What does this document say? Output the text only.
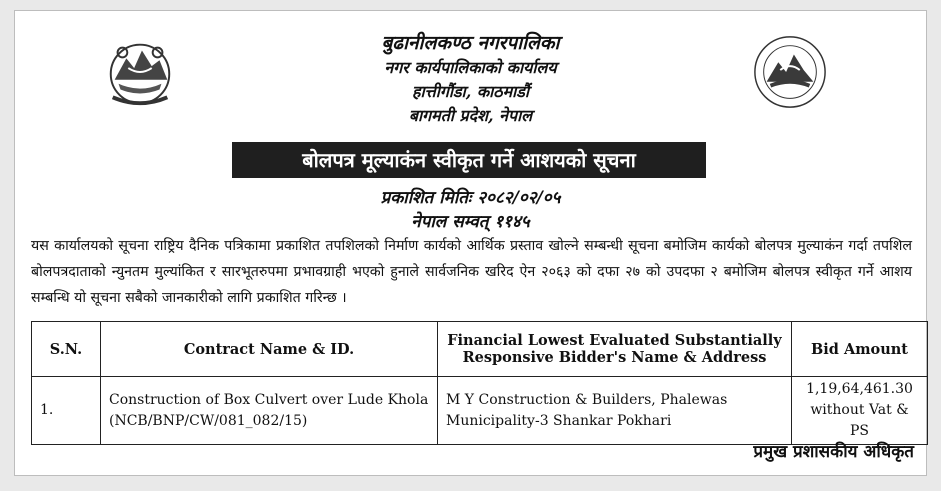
बुढानीलकण्ठ नगरपालिका
नगर कार्यपालिकाको कार्यालय
हात्तीगौंडा, काठमाडौं
बागमती प्रदेश, नेपाल
बोलपत्र मूल्याकंन स्वीकृत गर्ने आशयको सूचना
प्रकाशित मितिः २०८२/०२/०५
नेपाल सम्वत् ११४५
यस कार्यालयको सूचना राष्ट्रिय दैनिक पत्रिकामा प्रकाशित तपशिलको निर्माण कार्यको आर्थिक प्रस्ताव खोल्ने सम्बन्धी सूचना बमोजिम कार्यको बोलपत्र मुल्याकंन गर्दा तपशिल बोलपत्रदाताको न्युनतम मुल्यांकित र सारभूतरुपमा प्रभावग्राही भएको हुनाले सार्वजनिक खरिद ऐन २०६३ को दफा २७ को उपदफा २ बमोजिम बोलपत्र स्वीकृत गर्ने आशय सम्बन्धि यो सूचना सबैको जानकारीको लागि प्रकाशित गरिन्छ ।
S.N.	Contract Name & ID.	Financial Lowest Evaluated Substantially Responsive Bidder's Name & Address	Bid Amount
1.	Construction of Box Culvert over Lude Khola (NCB/BNP/CW/081_082/15)	M Y Construction & Builders, Phalewas Municipality-3 Shankar Pokhari	1,19,64,461.30
without Vat & PS
प्रमुख प्रशासकीय अधिकृत
